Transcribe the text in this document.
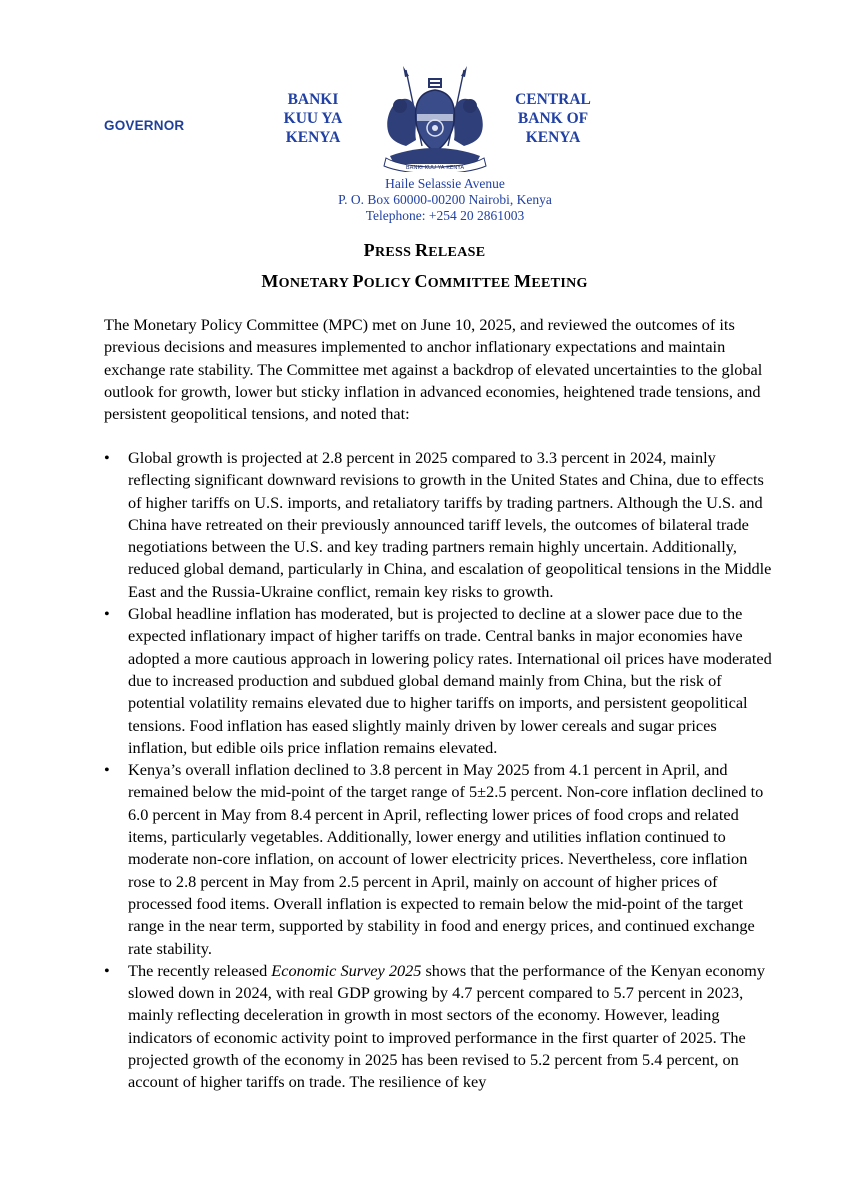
GOVERNOR
BANKI
KUU YA
KENYA
BANKI KUU YA KENYA
CENTRAL
BANK OF
KENYA
Haile Selassie Avenue
P. O. Box 60000-00200 Nairobi, Kenya
Telephone: +254 20 2861003
PRESS RELEASE
MONETARY POLICY COMMITTEE MEETING
The Monetary Policy Committee (MPC) met on June 10, 2025, and reviewed the outcomes of its previous decisions and measures implemented to anchor inflationary expectations and maintain exchange rate stability. The Committee met against a backdrop of elevated uncertainties to the global outlook for growth, lower but sticky inflation in advanced economies, heightened trade tensions, and persistent geopolitical tensions, and noted that:
•	Global growth is projected at 2.8 percent in 2025 compared to 3.3 percent in 2024, mainly reflecting significant downward revisions to growth in the United States and China, due to effects of higher tariffs on U.S. imports, and retaliatory tariffs by trading partners. Although the U.S. and China have retreated on their previously announced tariff levels, the outcomes of bilateral trade negotiations between the U.S. and key trading partners remain highly uncertain. Additionally, reduced global demand, particularly in China, and escalation of geopolitical tensions in the Middle East and the Russia-Ukraine conflict, remain key risks to growth.
•	Global headline inflation has moderated, but is projected to decline at a slower pace due to the expected inflationary impact of higher tariffs on trade. Central banks in major economies have adopted a more cautious approach in lowering policy rates. International oil prices have moderated due to increased production and subdued global demand mainly from China, but the risk of potential volatility remains elevated due to higher tariffs on imports, and persistent geopolitical tensions. Food inflation has eased slightly mainly driven by lower cereals and sugar prices inflation, but edible oils price inflation remains elevated.
•	Kenya’s overall inflation declined to 3.8 percent in May 2025 from 4.1 percent in April, and remained below the mid-point of the target range of 5±2.5 percent. Non-core inflation declined to 6.0 percent in May from 8.4 percent in April, reflecting lower prices of food crops and related items, particularly vegetables. Additionally, lower energy and utilities inflation continued to moderate non-core inflation, on account of lower electricity prices. Nevertheless, core inflation rose to 2.8 percent in May from 2.5 percent in April, mainly on account of higher prices of processed food items. Overall inflation is expected to remain below the mid-point of the target range in the near term, supported by stability in food and energy prices, and continued exchange rate stability.
•	The recently released Economic Survey 2025 shows that the performance of the Kenyan economy slowed down in 2024, with real GDP growing by 4.7 percent compared to 5.7 percent in 2023, mainly reflecting deceleration in growth in most sectors of the economy. However, leading indicators of economic activity point to improved performance in the first quarter of 2025. The projected growth of the economy in 2025 has been revised to 5.2 percent from 5.4 percent, on account of higher tariffs on trade. The resilience of key
